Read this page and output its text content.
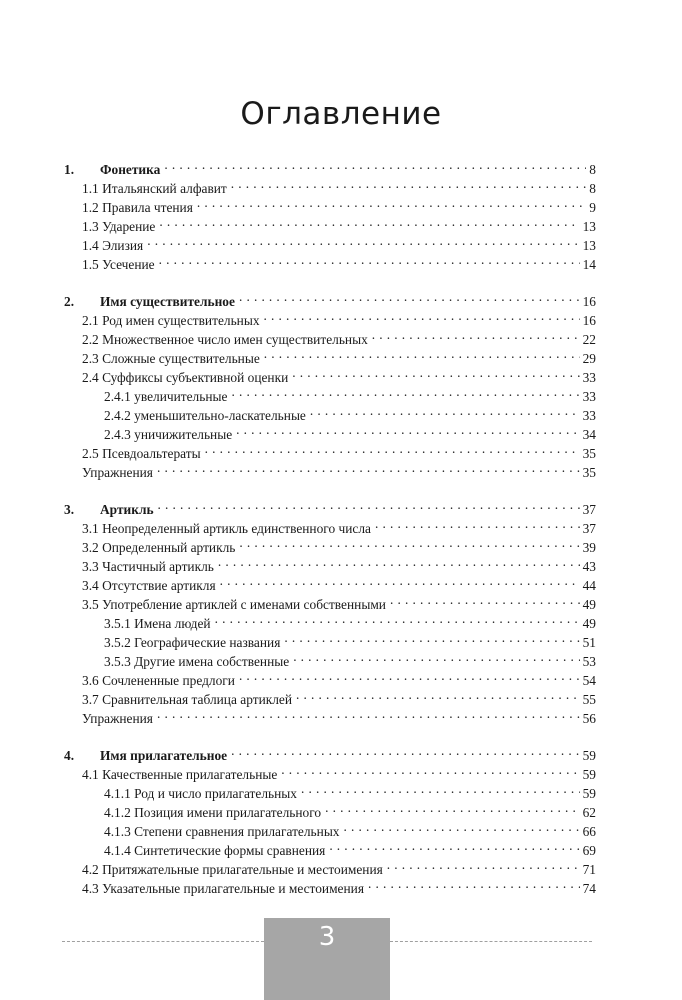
Оглавление
1.	Фонетика . . .	8
1.1 Итальянский алфавит . . .	8
1.2 Правила чтения . . .	9
1.3 Ударение . . .	13
1.4 Элизия . . .	13
1.5 Усечение . . .	14
2.	Имя существительное . . .	16
2.1 Род имен существительных . . .	16
2.2 Множественное число имен существительных . . .	22
2.3 Сложные существительные . . .	29
2.4 Суффиксы субъективной оценки . . .	33
2.4.1 увеличительные . . .	33
2.4.2 уменьшительно-ласкательные . . .	33
2.4.3 уничижительные . . .	34
2.5 Псевдоальтераты . . .	35
Упражнения . . .	35
3.	Артикль . . .	37
3.1 Неопределенный артикль единственного числа . . .	37
3.2 Определенный артикль . . .	39
3.3 Частичный артикль . . .	43
3.4 Отсутствие артикля . . .	44
3.5 Употребление артиклей с именами собственными . . .	49
3.5.1 Имена людей . . .	49
3.5.2 Географические названия . . .	51
3.5.3 Другие имена собственные . . .	53
3.6 Сочлененные предлоги . . .	54
3.7 Сравнительная таблица артиклей . . .	55
Упражнения . . .	56
4.	Имя прилагательное . . .	59
4.1 Качественные прилагательные . . .	59
4.1.1 Род и число прилагательных . . .	59
4.1.2 Позиция имени прилагательного . . .	62
4.1.3 Степени сравнения прилагательных . . .	66
4.1.4 Синтетические формы сравнения . . .	69
4.2 Притяжательные прилагательные и местоимения . . .	71
4.3 Указательные прилагательные и местоимения . . .	74
3
